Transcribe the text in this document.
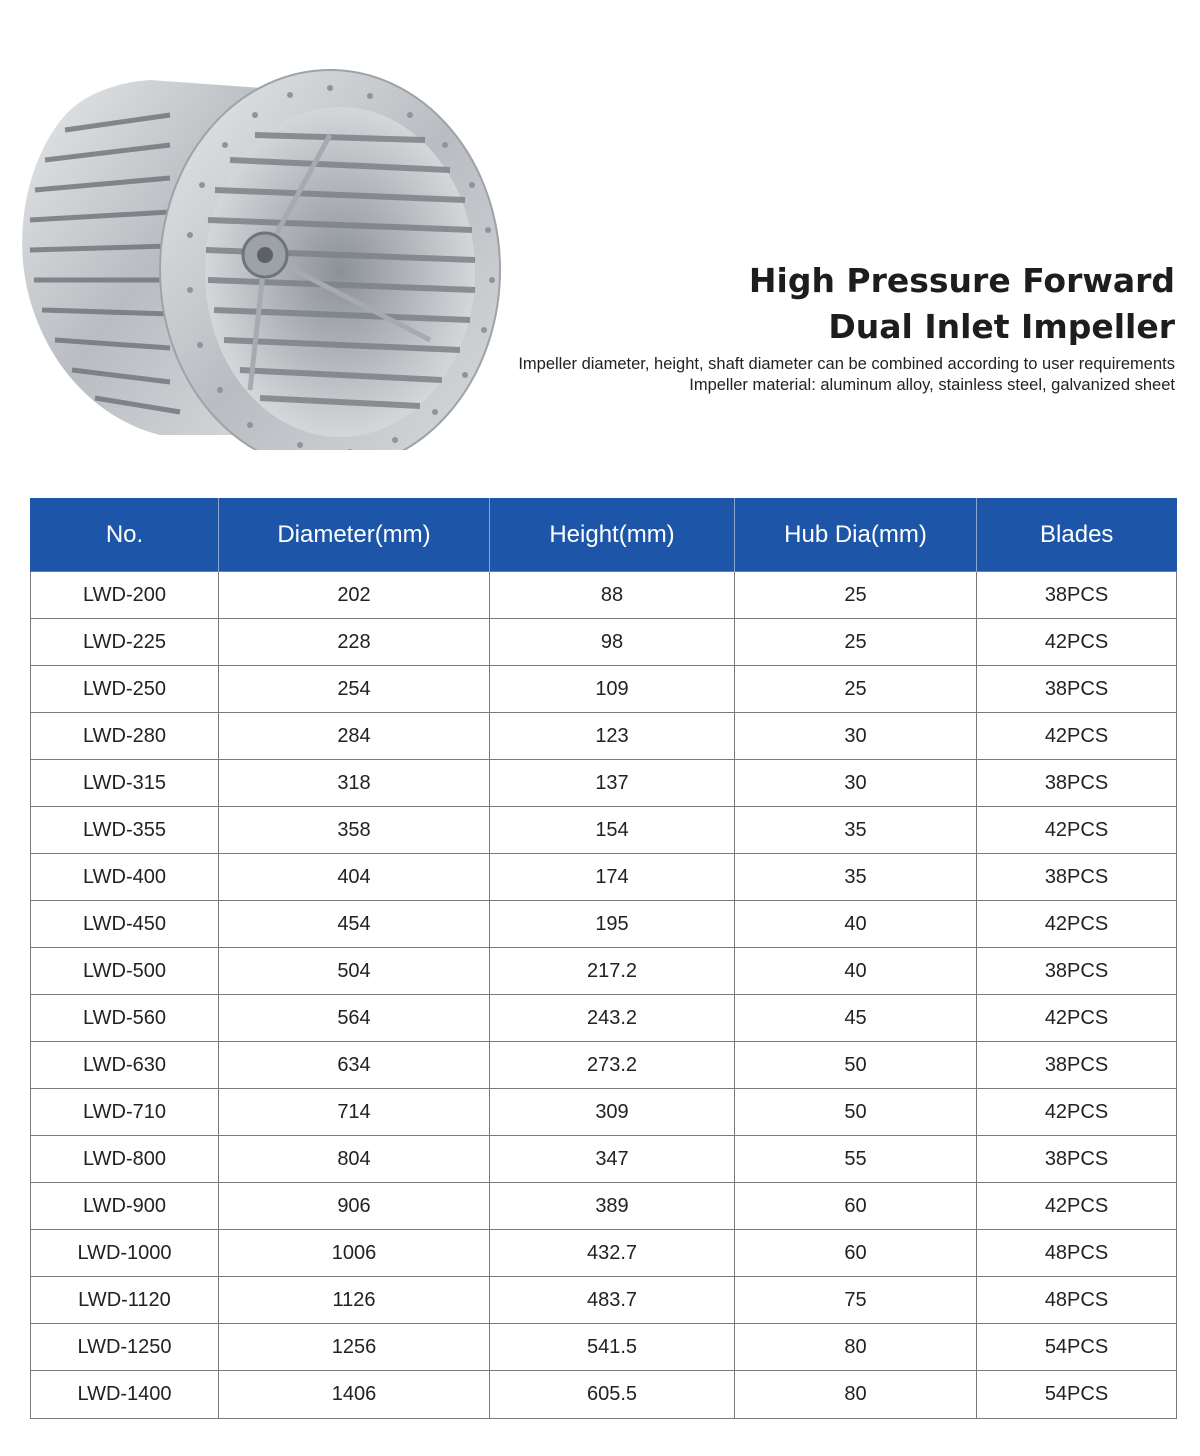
High Pressure Forward
Dual Inlet Impeller
Impeller diameter, height, shaft diameter can be combined according to user requirements
Impeller material: aluminum alloy, stainless steel, galvanized sheet
No.	Diameter(mm)	Height(mm)	Hub Dia(mm)	Blades
LWD-200	202	88	25	38PCS
LWD-225	228	98	25	42PCS
LWD-250	254	109	25	38PCS
LWD-280	284	123	30	42PCS
LWD-315	318	137	30	38PCS
LWD-355	358	154	35	42PCS
LWD-400	404	174	35	38PCS
LWD-450	454	195	40	42PCS
LWD-500	504	217.2	40	38PCS
LWD-560	564	243.2	45	42PCS
LWD-630	634	273.2	50	38PCS
LWD-710	714	309	50	42PCS
LWD-800	804	347	55	38PCS
LWD-900	906	389	60	42PCS
LWD-1000	1006	432.7	60	48PCS
LWD-1120	1126	483.7	75	48PCS
LWD-1250	1256	541.5	80	54PCS
LWD-1400	1406	605.5	80	54PCS
